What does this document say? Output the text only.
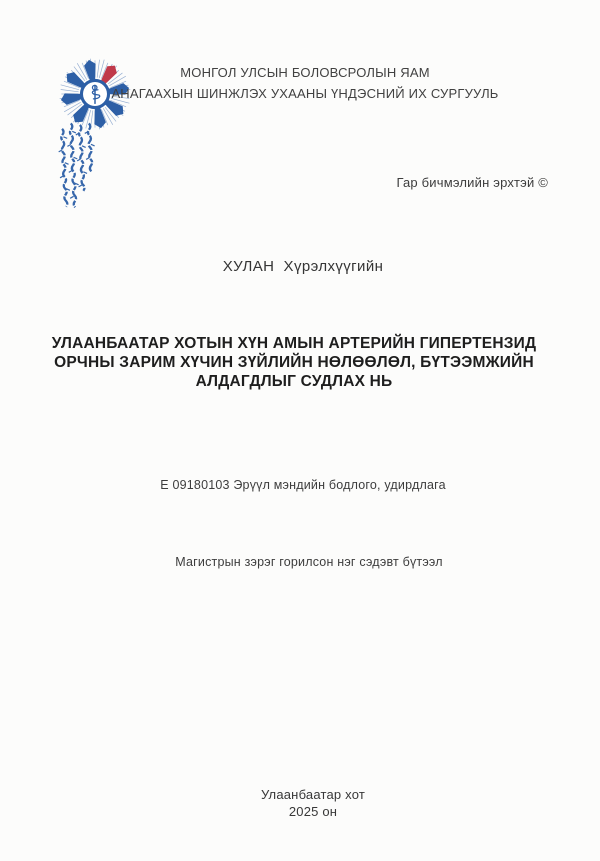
МОНГОЛ УЛСЫН БОЛОВСРОЛЫН ЯАМ
АНАГААХЫН ШИНЖЛЭХ УХААНЫ ҮНДЭСНИЙ ИХ СУРГУУЛЬ
Гар бичмэлийн эрхтэй ©
ХУЛАН  Хүрэлхүүгийн
УЛААНБААТАР ХОТЫН ХҮН АМЫН АРТЕРИЙН ГИПЕРТЕНЗИД
ОРЧНЫ ЗАРИМ ХҮЧИН ЗҮЙЛИЙН НӨЛӨӨЛӨЛ, БҮТЭЭМЖИЙН
АЛДАГДЛЫГ СУДЛАХ НЬ
Е 09180103 Эрүүл мэндийн бодлого, удирдлага
Магистрын зэрэг горилсон нэг сэдэвт бүтээл
Улаанбаатар хот
2025 он
